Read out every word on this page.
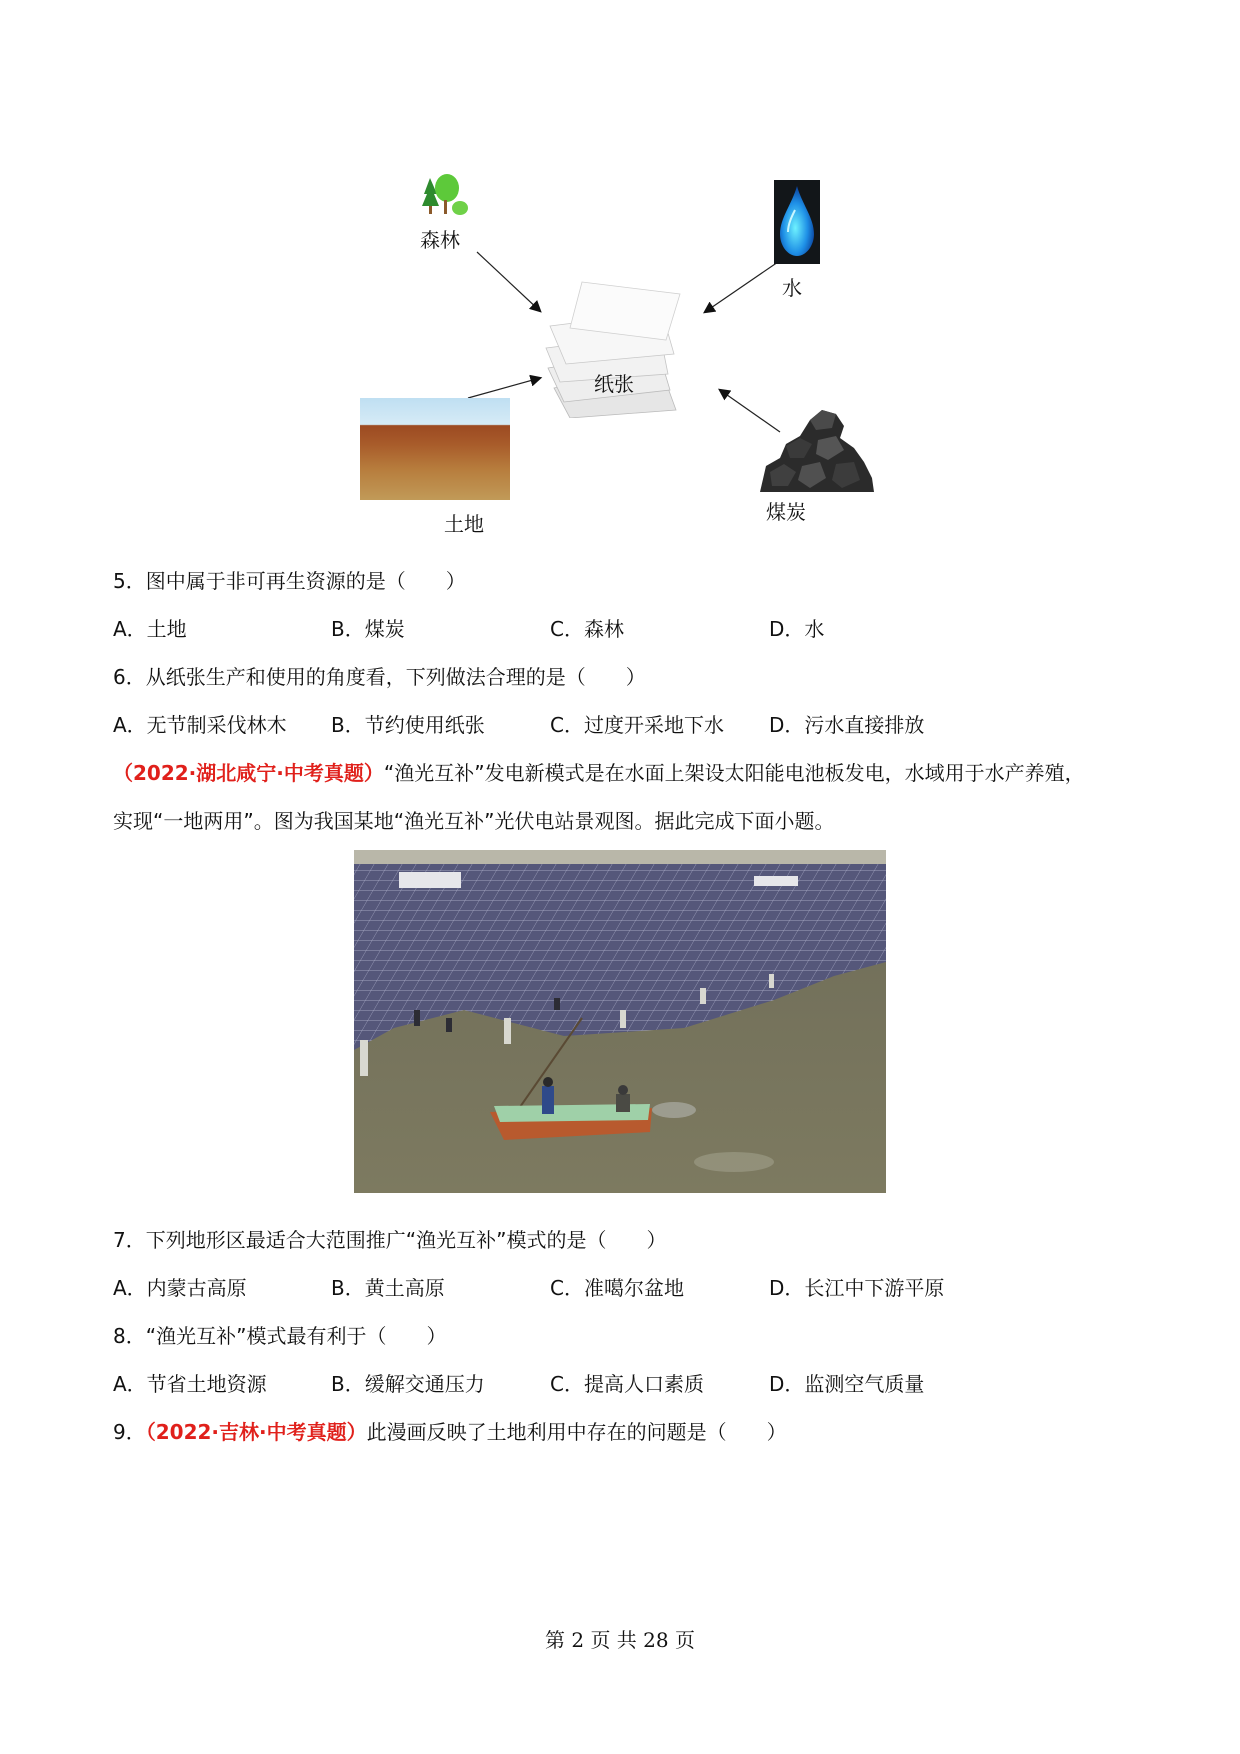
森林
水
纸张
土地	煤炭
5．图中属于非可再生资源的是（　　）
A．土地	B．煤炭	C．森林	D．水
6．从纸张生产和使用的角度看，下列做法合理的是（　　）
A．无节制采伐林木 B．节约使用纸张	C．过度开采地下水 D．污水直接排放
（2022·湖北咸宁·中考真题）“渔光互补”发电新模式是在水面上架设太阳能电池板发电，水域用于水产养殖，
实现“一地两用”。图为我国某地“渔光互补”光伏电站景观图。据此完成下面小题。
7．下列地形区最适合大范围推广“渔光互补”模式的是（　　）
A．内蒙古高原	B．黄土高原	C．准噶尔盆地	D．长江中下游平原
8．“渔光互补”模式最有利于（　　）
A．节省土地资源	B．缓解交通压力	C．提高人口素质	D．监测空气质量
9．（2022·吉林·中考真题）此漫画反映了土地利用中存在的问题是（　　）
第 2 页 共 28 页
